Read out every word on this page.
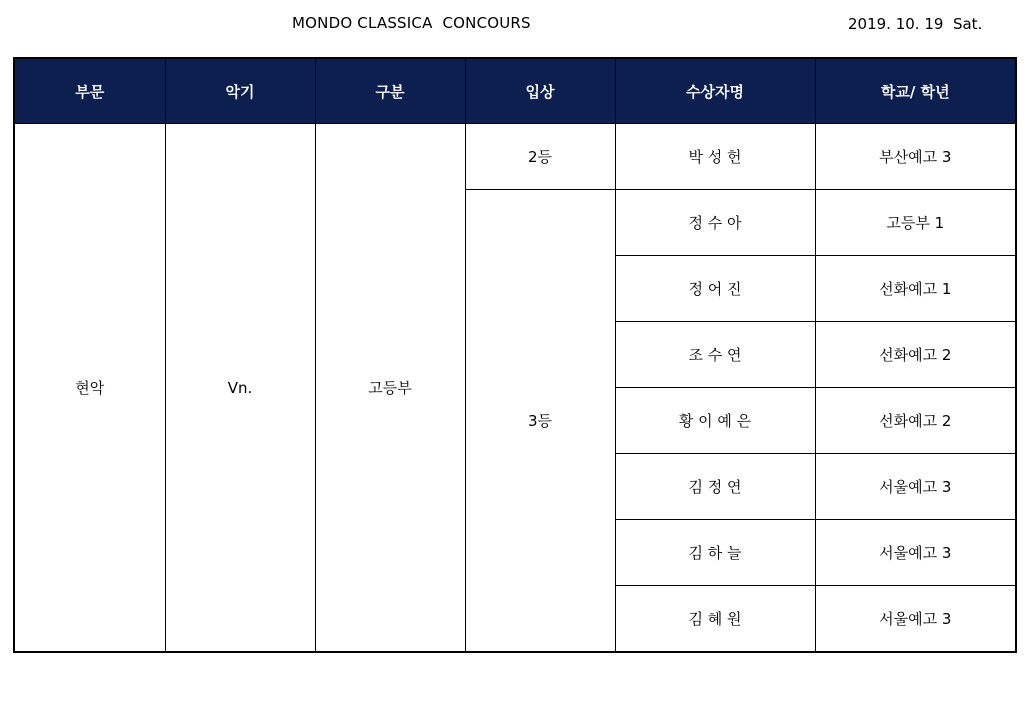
MONDO CLASSICA  CONCOURS	2019. 10. 19  Sat.
부문	악기	구분	입상	수상자명	학교/ 학년
현악	Vn.	고등부	2등	박 성 헌	부산예고 3
			3등	정 수 아	고등부 1
				정 어 진	선화예고 1
				조 수 연	선화예고 2
				황 이 예 은	선화예고 2
				김 정 연	서울예고 3
				김 하 늘	서울예고 3
				김 혜 원	서울예고 3
